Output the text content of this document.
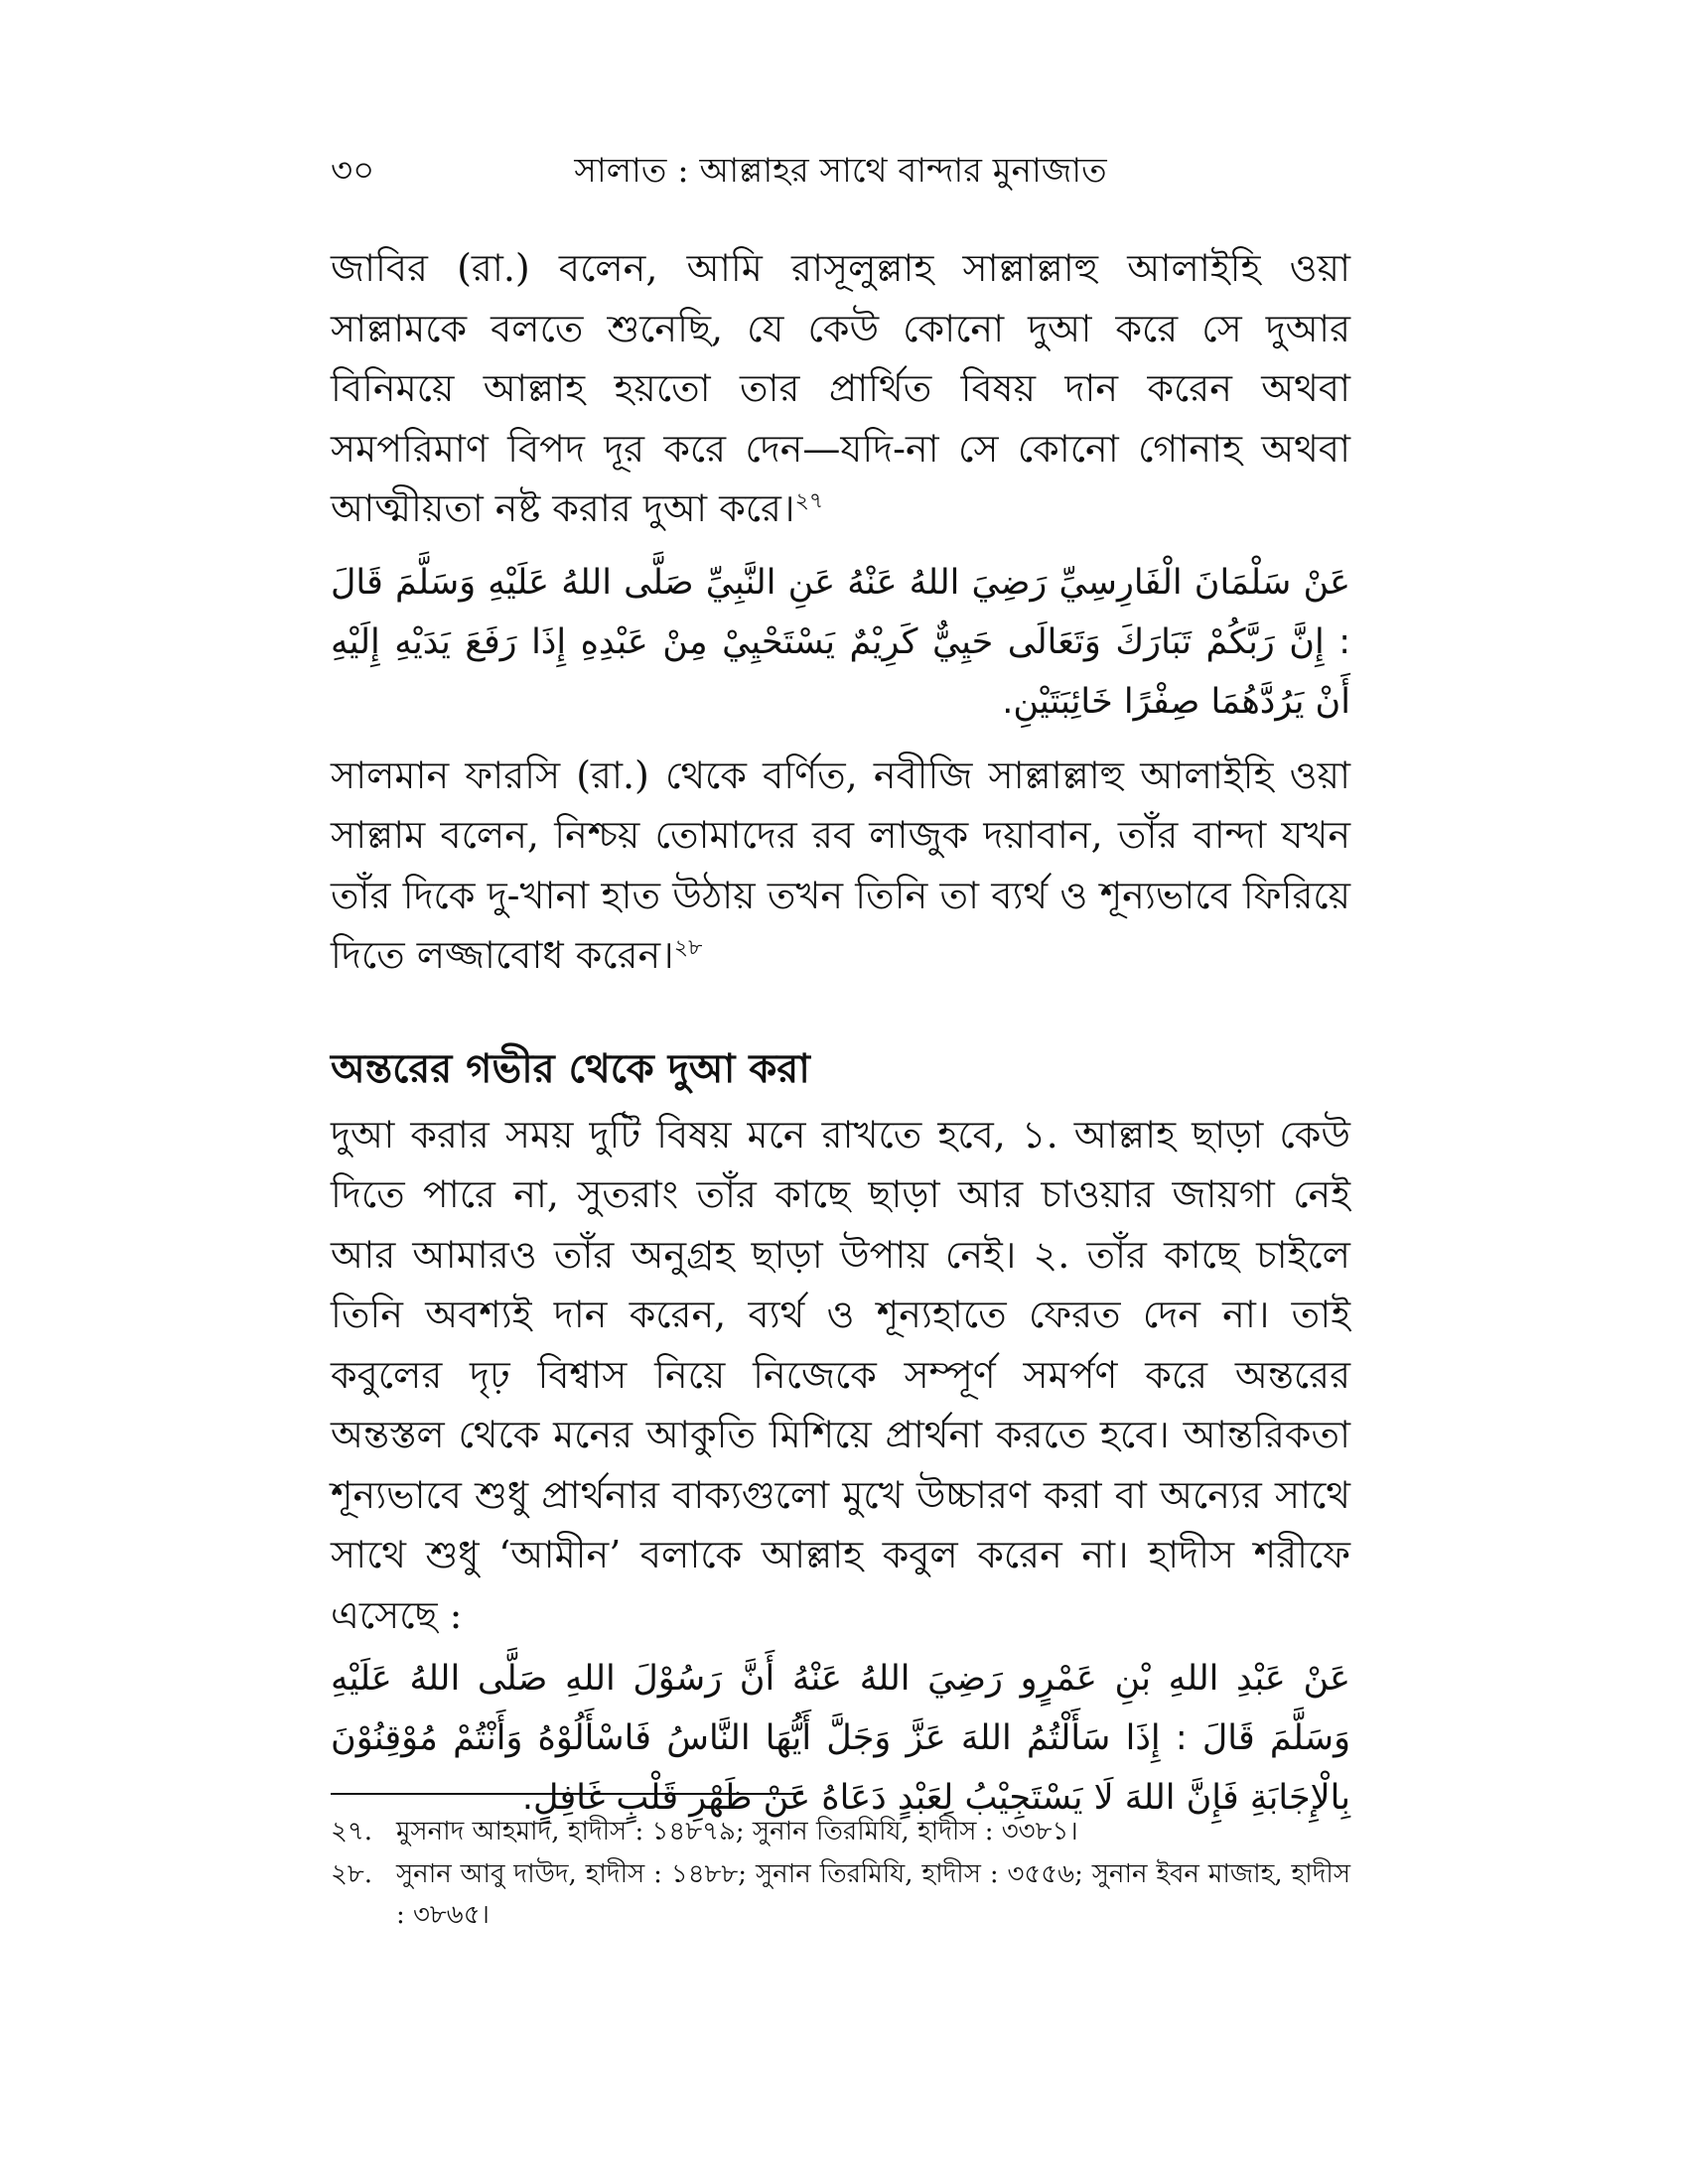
৩০	সালাত : আল্লাহর সাথে বান্দার মুনাজাত

জাবির (রা.) বলেন, আমি রাসূলুল্লাহ সাল্লাল্লাহু আলাইহি ওয়া সাল্লামকে বলতে শুনেছি, যে কেউ কোনো দুআ করে সে দুআর বিনিময়ে আল্লাহ হয়তো তার প্রার্থিত বিষয় দান করেন অথবা সমপরিমাণ বিপদ দূর করে দেন—যদি-না সে কোনো গোনাহ অথবা আত্মীয়তা নষ্ট করার দুআ করে।$^{২৭}$

عَنْ سَلْمَانَ الْفَارِسِيِّ رَضِيَ اللهُ عَنْهُ عَنِ النَّبِيِّ صَلَّى اللهُ عَلَيْهِ وَسَلَّمَ قَالَ : إِنَّ رَبَّكُمْ تَبَارَكَ وَتَعَالَى حَيِيٌّ كَرِيْمٌ يَسْتَحْيِيْ مِنْ عَبْدِهِ إِذَا رَفَعَ يَدَيْهِ إِلَيْهِ أَنْ يَرُدَّهُمَا صِفْرًا خَائِبَتَيْنِ.

সালমান ফারসি (রা.) থেকে বর্ণিত, নবীজি সাল্লাল্লাহু আলাইহি ওয়া সাল্লাম বলেন, নিশ্চয় তোমাদের রব লাজুক দয়াবান, তাঁর বান্দা যখন তাঁর দিকে দু-খানা হাত উঠায় তখন তিনি তা ব্যর্থ ও শূন্যভাবে ফিরিয়ে দিতে লজ্জাবোধ করেন।$^{২৮}$

অন্তরের গভীর থেকে দুআ করা

দুআ করার সময় দুটি বিষয় মনে রাখতে হবে, ১. আল্লাহ ছাড়া কেউ দিতে পারে না, সুতরাং তাঁর কাছে ছাড়া আর চাওয়ার জায়গা নেই আর আমারও তাঁর অনুগ্রহ ছাড়া উপায় নেই। ২. তাঁর কাছে চাইলে তিনি অবশ্যই দান করেন, ব্যর্থ ও শূন্যহাতে ফেরত দেন না। তাই কবুলের দৃঢ় বিশ্বাস নিয়ে নিজেকে সম্পূর্ণ সমর্পণ করে অন্তরের অন্তস্তল থেকে মনের আকুতি মিশিয়ে প্রার্থনা করতে হবে। আন্তরিকতা শূন্যভাবে শুধু প্রার্থনার বাক্যগুলো মুখে উচ্চারণ করা বা অন্যের সাথে সাথে শুধু ‘আমীন’ বলাকে আল্লাহ কবুল করেন না। হাদীস শরীফে এসেছে :

عَنْ عَبْدِ اللهِ بْنِ عَمْرٍو رَضِيَ اللهُ عَنْهُ أَنَّ رَسُوْلَ اللهِ صَلَّى اللهُ عَلَيْهِ وَسَلَّمَ قَالَ : إِذَا سَأَلْتُمُ اللهَ عَزَّ وَجَلَّ أَيُّهَا النَّاسُ فَاسْأَلُوْهُ وَأَنْتُمْ مُوْقِنُوْنَ بِالْإِجَابَةِ فَإِنَّ اللهَ لَا يَسْتَجِيْبُ لِعَبْدٍ دَعَاهُ عَنْ ظَهْرِ قَلْبٍ غَافِلٍ.

২৭. মুসনাদ আহমাদ, হাদীস : ১৪৮৭৯; সুনান তিরমিযি, হাদীস : ৩৩৮১।

২৮. সুনান আবু দাউদ, হাদীস : ১৪৮৮; সুনান তিরমিযি, হাদীস : ৩৫৫৬; সুনান ইবন মাজাহ, হাদীস : ৩৮৬৫।
